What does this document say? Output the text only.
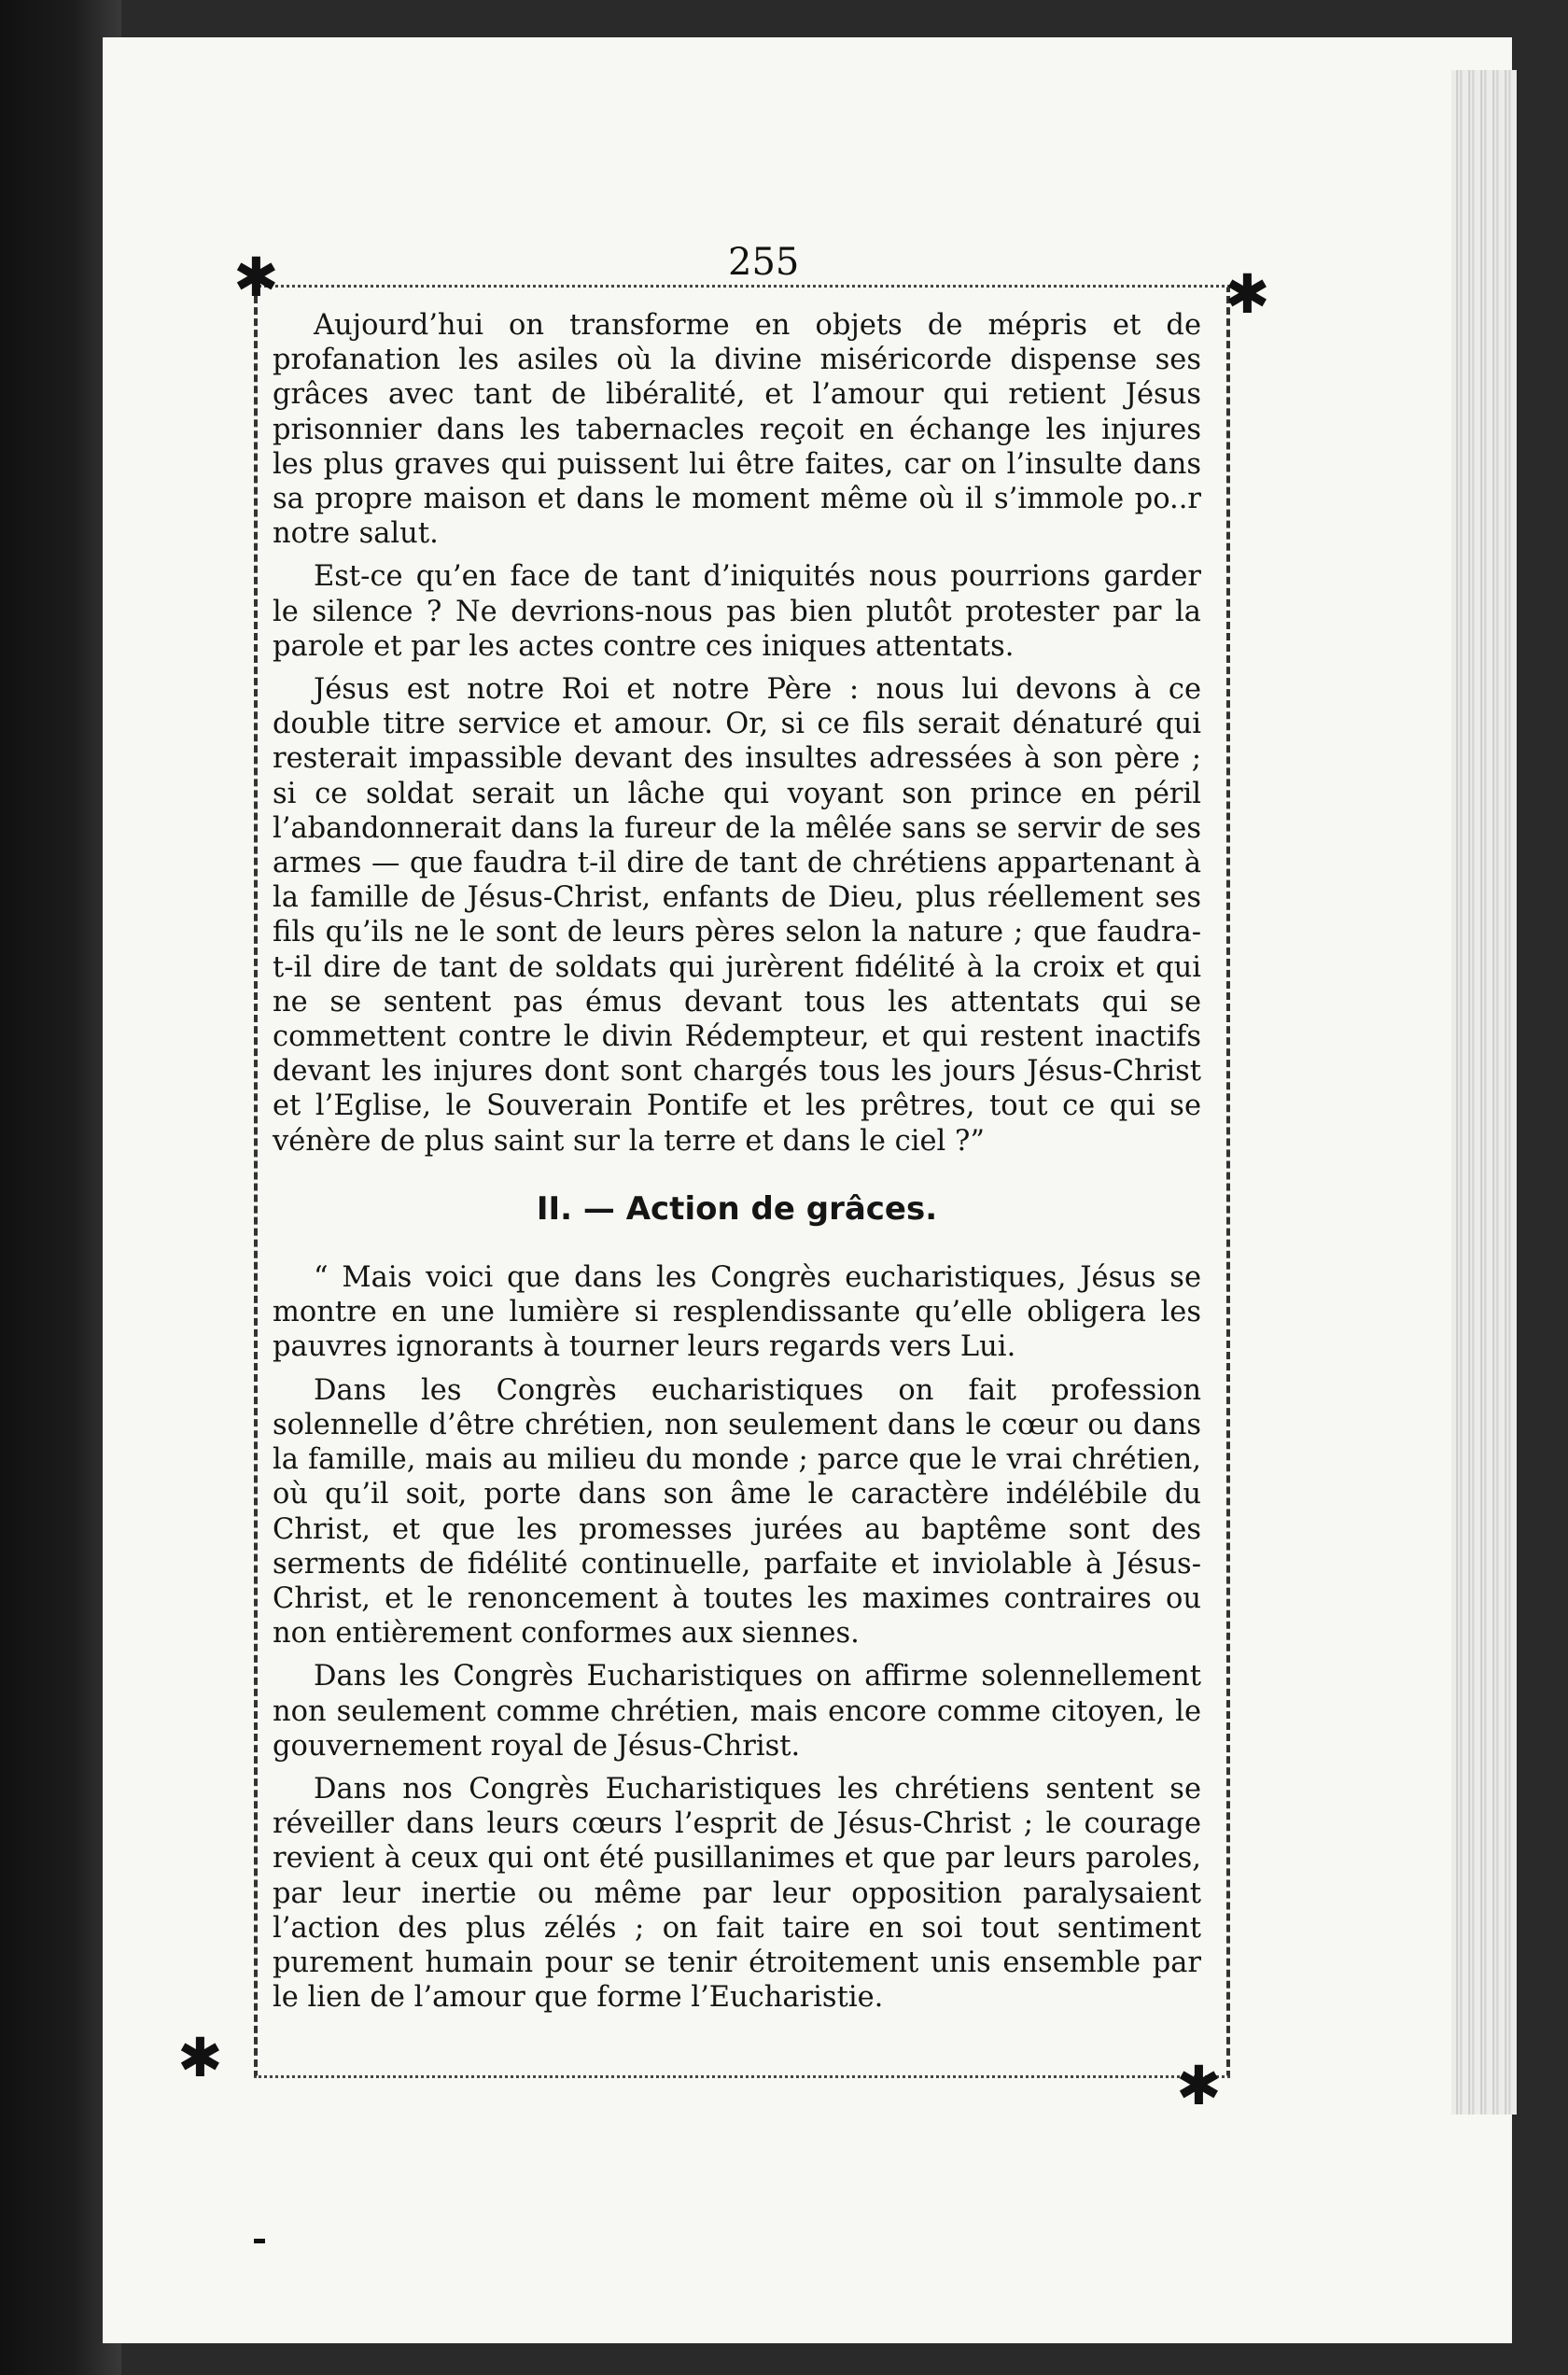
✱	✱
✱	✱
255

Aujourd’hui on transforme en objets de mépris et de profanation les asiles où la divine miséricorde dispense ses grâces avec tant de libéralité, et l’amour qui retient Jésus prisonnier dans les tabernacles reçoit en échange les injures les plus graves qui puissent lui être faites, car on l’insulte dans sa propre maison et dans le moment même où il s’immole po..r notre salut.

Est-ce qu’en face de tant d’iniquités nous pourrions garder le silence ? Ne devrions-nous pas bien plutôt protester par la parole et par les actes contre ces iniques attentats.

Jésus est notre Roi et notre Père : nous lui devons à ce double titre service et amour. Or, si ce fils serait dénaturé qui resterait impassible devant des insultes adressées à son père ; si ce soldat serait un lâche qui voyant son prince en péril l’abandonnerait dans la fureur de la mêlée sans se servir de ses armes — que faudra t-il dire de tant de chrétiens appartenant à la famille de Jésus-Christ, enfants de Dieu, plus réellement ses fils qu’ils ne le sont de leurs pères selon la nature ; que faudra-t-il dire de tant de soldats qui jurèrent fidélité à la croix et qui ne se sentent pas émus devant tous les attentats qui se commettent contre le divin Rédempteur, et qui restent inactifs devant les injures dont sont chargés tous les jours Jésus-Christ et l’Eglise, le Souverain Pontife et les prêtres, tout ce qui se vénère de plus saint sur la terre et dans le ciel ?”

II. — Action de grâces.

“ Mais voici que dans les Congrès eucharistiques, Jésus se montre en une lumière si resplendissante qu’elle obligera les pauvres ignorants à tourner leurs regards vers Lui.

Dans les Congrès eucharistiques on fait profession solennelle d’être chrétien, non seulement dans le cœur ou dans la famille, mais au milieu du monde ; parce que le vrai chrétien, où qu’il soit, porte dans son âme le caractère indélébile du Christ, et que les promesses jurées au baptême sont des serments de fidélité continuelle, parfaite et inviolable à Jésus-Christ, et le renoncement à toutes les maximes contraires ou non entièrement conformes aux siennes.

Dans les Congrès Eucharistiques on affirme solennellement non seulement comme chrétien, mais encore comme citoyen, le gouvernement royal de Jésus-Christ.

Dans nos Congrès Eucharistiques les chrétiens sentent se réveiller dans leurs cœurs l’esprit de Jésus-Christ ; le courage revient à ceux qui ont été pusillanimes et que par leurs paroles, par leur inertie ou même par leur opposition paralysaient l’action des plus zélés ; on fait taire en soi tout sentiment purement humain pour se tenir étroitement unis ensemble par le lien de l’amour que forme l’Eucharistie.
